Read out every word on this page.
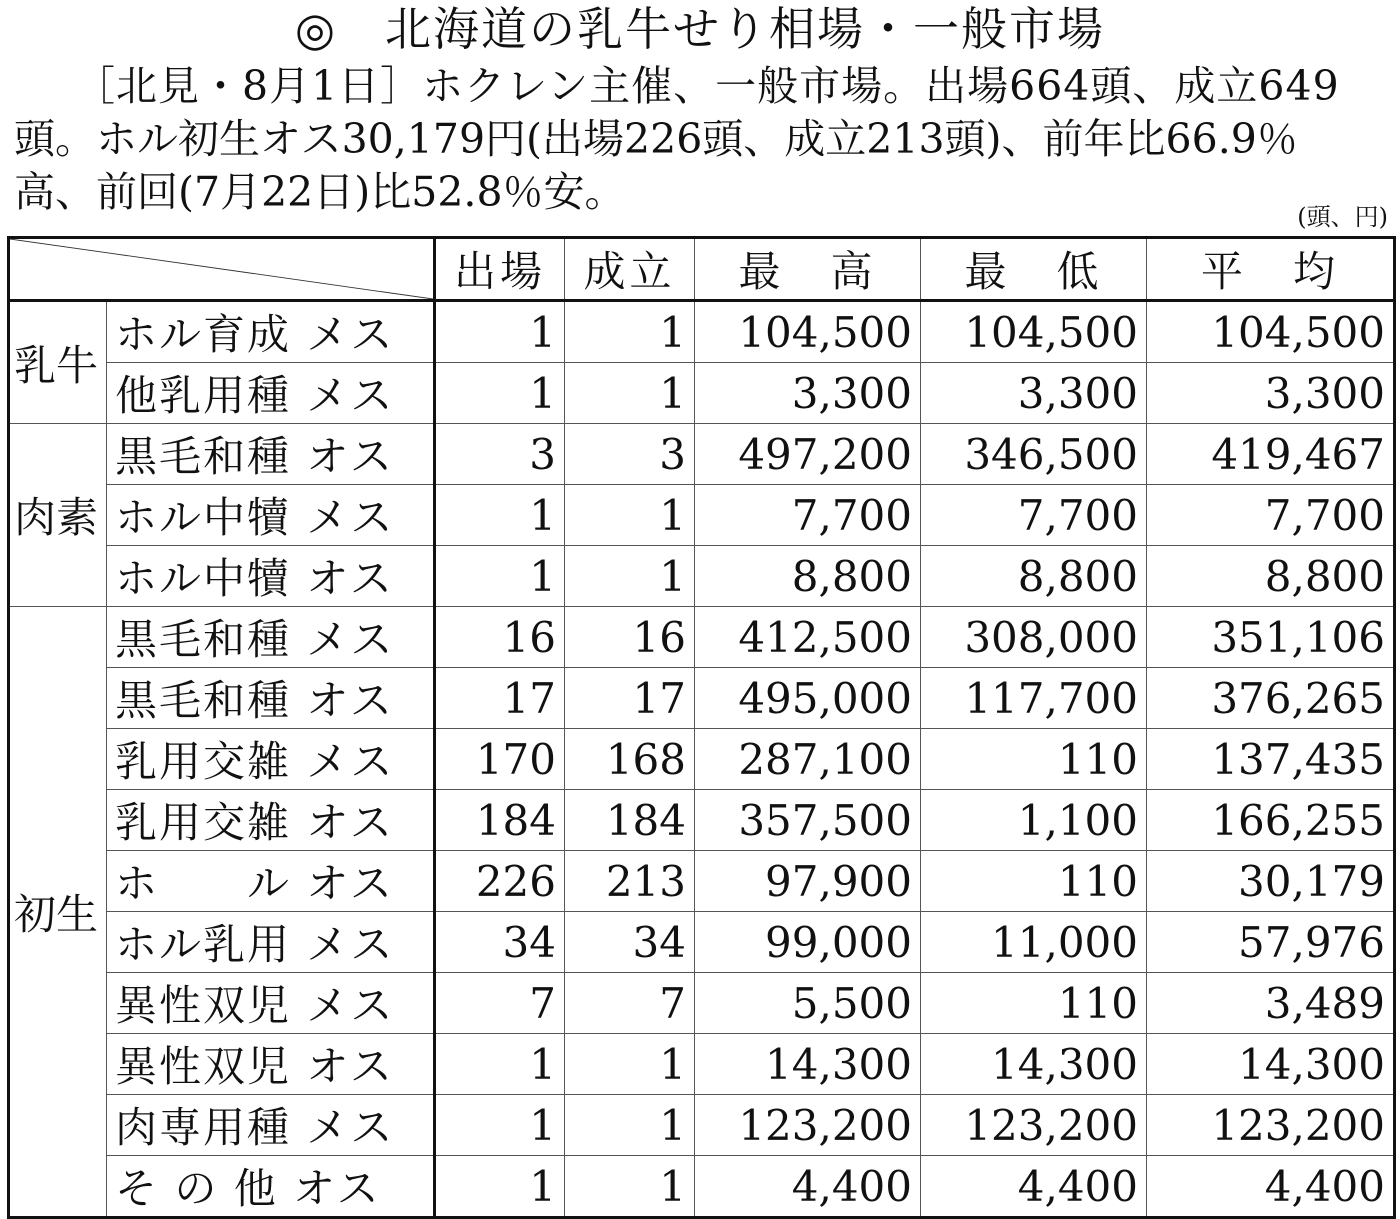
◎　北海道の乳牛せり相場・一般市場
［北見・8月1日］ホクレン主催、一般市場。出場664頭、成立649
頭。ホル初生オス30,179円(出場226頭、成立213頭)、前年比66.9％
高、前回(7月22日)比52.8％安。
(頭、円)
	出場	成立	最　高	最　低	平　均
乳牛	ホル育成 メス	1	1	104,500	104,500	104,500
	他乳用種 メス	1	1	3,300	3,300	3,300
肉素	黒毛和種 オス	3	3	497,200	346,500	419,467
	ホル中犢 メス	1	1	7,700	7,700	7,700
	ホル中犢 オス	1	1	8,800	8,800	8,800
初生	黒毛和種 メス	16	16	412,500	308,000	351,106
	黒毛和種 オス	17	17	495,000	117,700	376,265
	乳用交雑 メス	170	168	287,100	110	137,435
	乳用交雑 オス	184	184	357,500	1,100	166,255
	ホ　　ル オス	226	213	97,900	110	30,179
	ホル乳用 メス	34	34	99,000	11,000	57,976
	異性双児 メス	7	7	5,500	110	3,489
	異性双児 オス	1	1	14,300	14,300	14,300
	肉専用種 メス	1	1	123,200	123,200	123,200
	そ の 他 オス	1	1	4,400	4,400	4,400
